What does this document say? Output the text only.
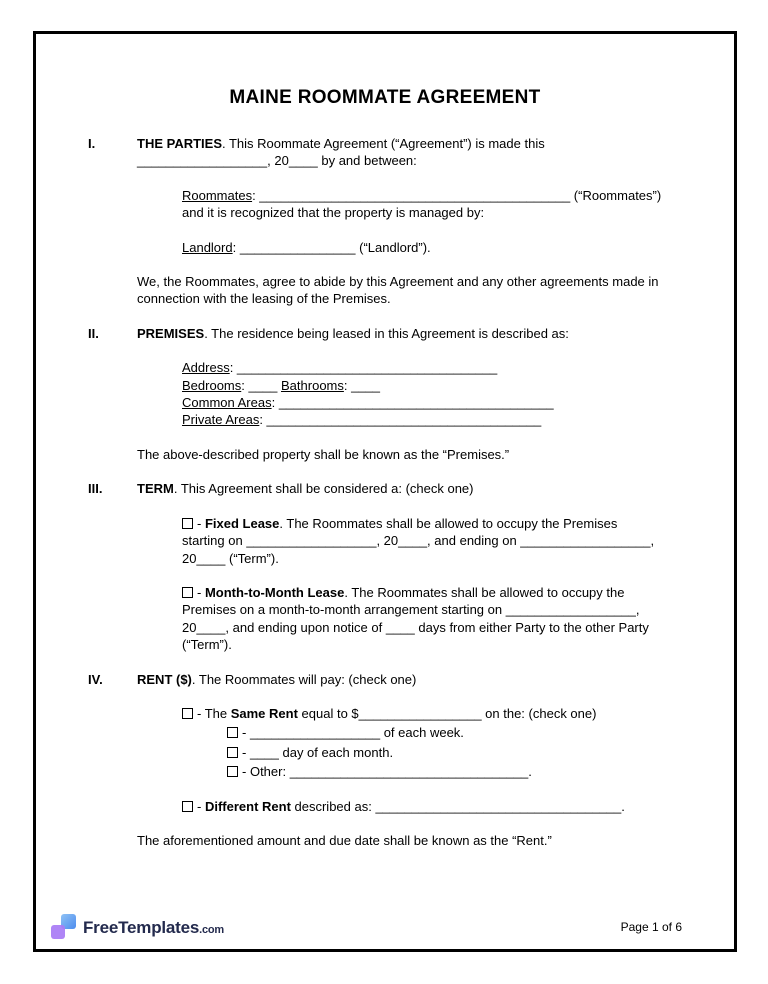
MAINE ROOMMATE AGREEMENT
I.	THE PARTIES. This Roommate Agreement (“Agreement”) is made this __________________, 20____ by and between:

Roommates: ___________________________________________ (“Roommates”)
and it is recognized that the property is managed by:

Landlord: ________________ (“Landlord”).

We, the Roommates, agree to abide by this Agreement and any other agreements made in connection with the leasing of the Premises.

II.	PREMISES. The residence being leased in this Agreement is described as:

Address: ____________________________________
Bedrooms: ____ Bathrooms: ____
Common Areas: ______________________________________
Private Areas: ______________________________________

The above-described property shall be known as the “Premises.”

III.	TERM. This Agreement shall be considered a: (check one)

- Fixed Lease. The Roommates shall be allowed to occupy the Premises starting on __________________, 20____, and ending on __________________, 20____ (“Term”).

- Month-to-Month Lease. The Roommates shall be allowed to occupy the Premises on a month-to-month arrangement starting on __________________, 20____, and ending upon notice of ____ days from either Party to the other Party (“Term”).

IV.	RENT ($). The Roommates will pay: (check one)

- The Same Rent equal to $_________________ on the: (check one)

- __________________ of each week.

- ____ day of each month.

- Other: _________________________________.

- Different Rent described as: __________________________________.

The aforementioned amount and due date shall be known as the “Rent.”

FreeTemplates.com	Page 1 of 6
